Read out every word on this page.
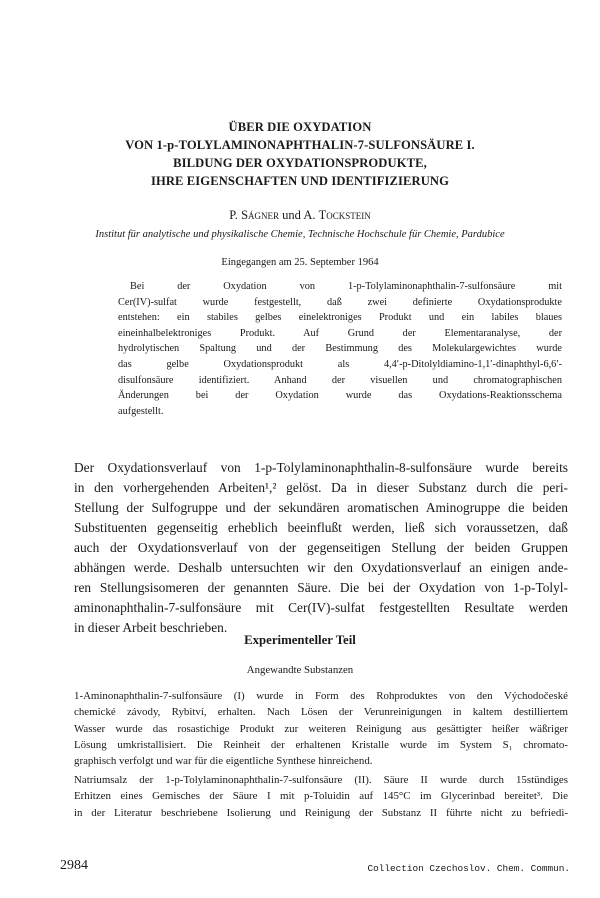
ÜBER DIE OXYDATION
VON 1-p-TOLYLAMINONAPHTHALIN-7-SULFONSÄURE I.
BILDUNG DER OXYDATIONSPRODUKTE,
IHRE EIGENSCHAFTEN UND IDENTIFIZIERUNG
P. Ságner und A. Tockstein
Institut für analytische und physikalische Chemie, Technische Hochschule für Chemie, Pardubice
Eingegangen am 25. September 1964
Bei der Oxydation von 1-p-Tolylaminonaphthalin-7-sulfonsäure mit
Cer(IV)-sulfat wurde festgestellt, daß zwei definierte Oxydationsprodukte
entstehen: ein stabiles gelbes einelektroniges Produkt und ein labiles blaues
eineinhalbelektroniges Produkt. Auf Grund der Elementaranalyse, der
hydrolytischen Spaltung und der Bestimmung des Molekulargewichtes wurde
das gelbe Oxydationsprodukt als 4,4′-p-Ditolyldiamino-1,1′-dinaphthyl-6,6′-
disulfonsäure identifiziert. Anhand der visuellen und chromatographischen
Änderungen bei der Oxydation wurde das Oxydations-Reaktionsschema
aufgestellt.
Der Oxydationsverlauf von 1-p-Tolylaminonaphthalin-8-sulfonsäure wurde bereits
in den vorhergehenden Arbeiten¹,² gelöst. Da in dieser Substanz durch die peri-
Stellung der Sulfogruppe und der sekundären aromatischen Aminogruppe die beiden
Substituenten gegenseitig erheblich beeinflußt werden, ließ sich voraussetzen, daß
auch der Oxydationsverlauf von der gegenseitigen Stellung der beiden Gruppen
abhängen werde. Deshalb untersuchten wir den Oxydationsverlauf an einigen ande-
ren Stellungsisomeren der genannten Säure. Die bei der Oxydation von 1-p-Tolyl-
aminonaphthalin-7-sulfonsäure mit Cer(IV)-sulfat festgestellten Resultate werden
in dieser Arbeit beschrieben.
Experimenteller Teil
Angewandte Substanzen
1-Aminonaphthalin-7-sulfonsäure (I) wurde in Form des Rohproduktes von den Východočeské
chemické závody, Rybitví, erhalten. Nach Lösen der Verunreinigungen in kaltem destilliertem
Wasser wurde das rosastichige Produkt zur weiteren Reinigung aus gesättigter heißer wäßriger
Lösung umkristallisiert. Die Reinheit der erhaltenen Kristalle wurde im System S₁ chromato-
graphisch verfolgt und war für die eigentliche Synthese hinreichend.
Natriumsalz der 1-p-Tolylaminonaphthalin-7-sulfonsäure (II). Säure II wurde durch 15stündiges
Erhitzen eines Gemisches der Säure I mit p-Toluidin auf 145°C im Glycerinbad bereitet³. Die
in der Literatur beschriebene Isolierung und Reinigung der Substanz II führte nicht zu befriedi-
2984	Collection Czechoslov. Chem. Commun.
